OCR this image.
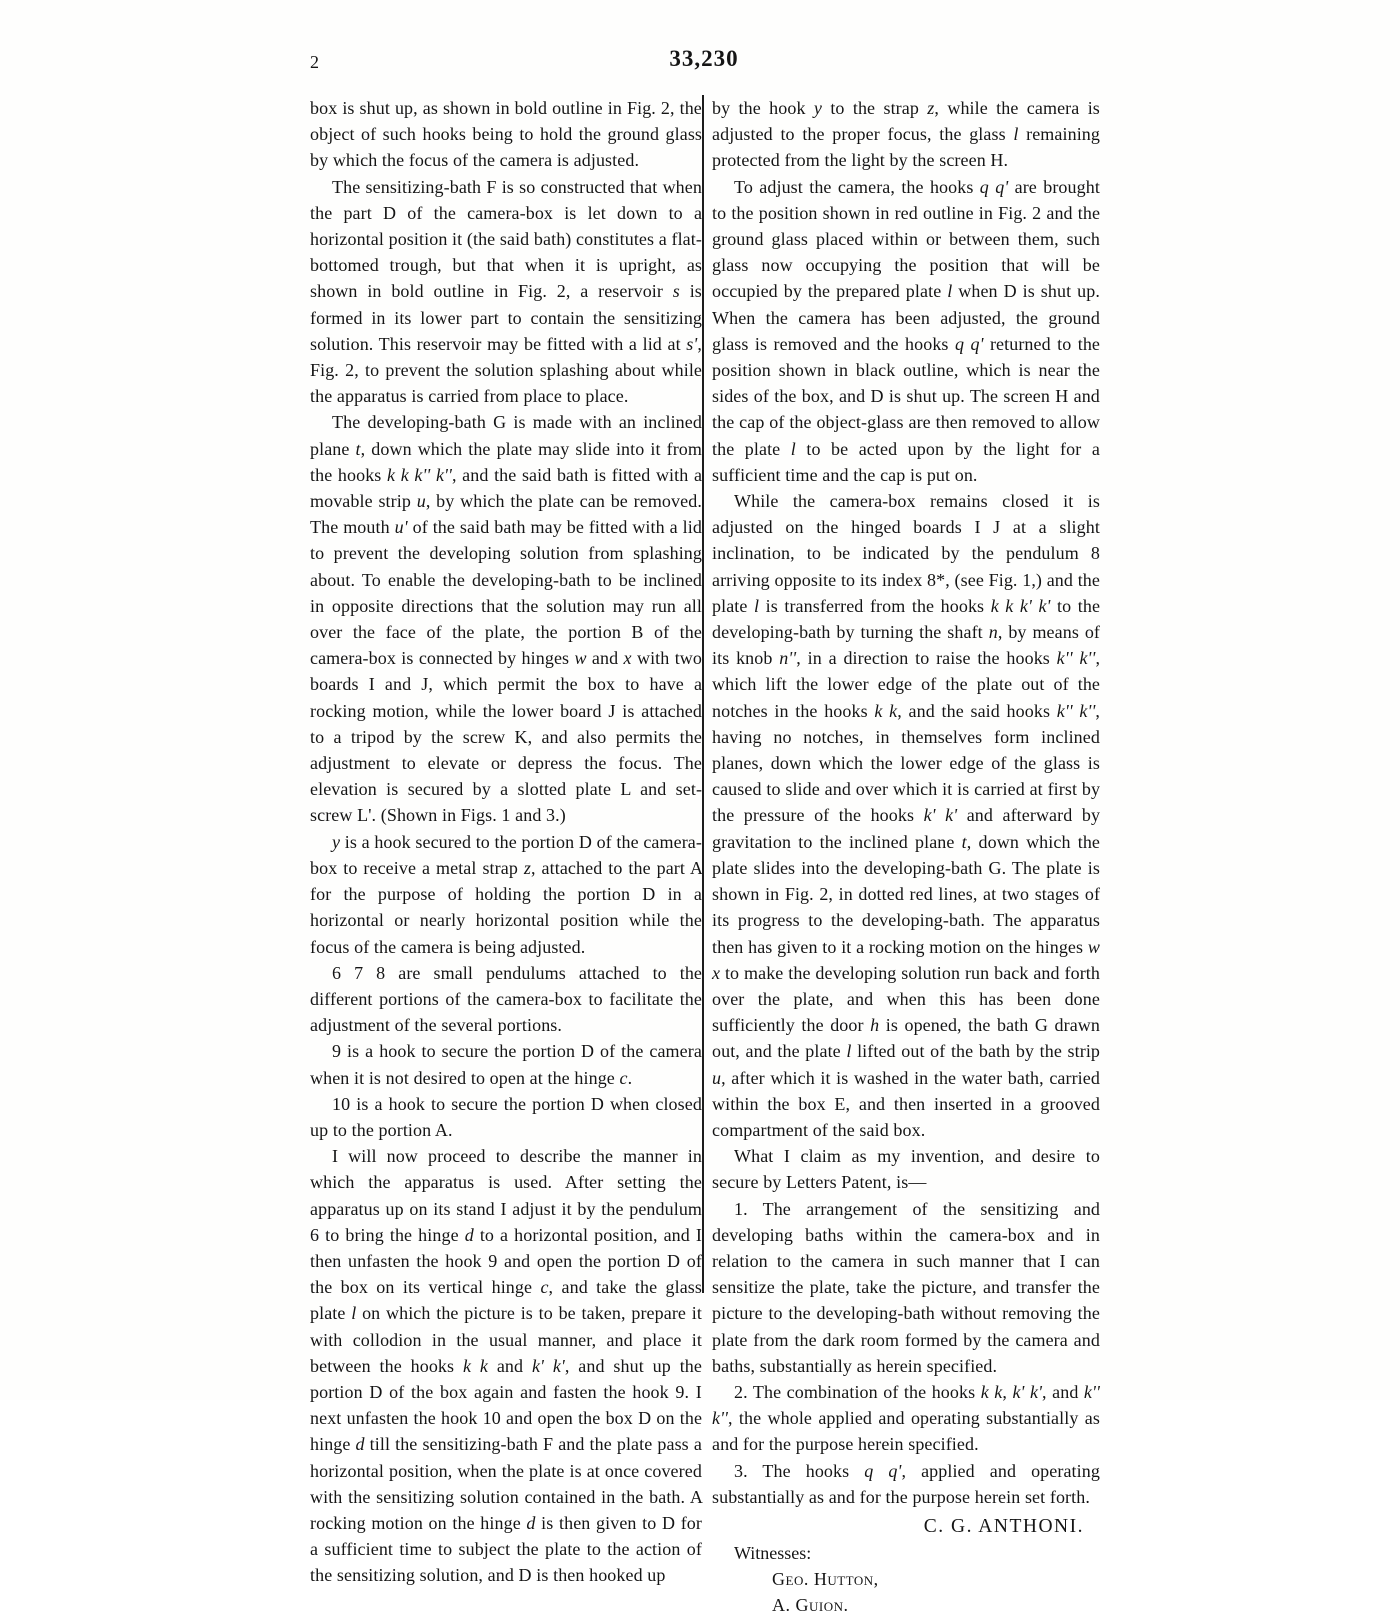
2	33,230

box is shut up, as shown in bold outline in Fig. 2, the object of such hooks being to hold the ground glass by which the focus of the camera is adjusted.

The sensitizing-bath F is so constructed that when the part D of the camera-box is let down to a horizontal position it (the said bath) constitutes a flat-bottomed trough, but that when it is upright, as shown in bold outline in Fig. 2, a reservoir s is formed in its lower part to contain the sensitizing solution. This reservoir may be fitted with a lid at s', Fig. 2, to prevent the solution splashing about while the apparatus is carried from place to place.

The developing-bath G is made with an inclined plane t, down which the plate may slide into it from the hooks k k k'' k'', and the said bath is fitted with a movable strip u, by which the plate can be removed. The mouth u' of the said bath may be fitted with a lid to prevent the developing solution from splashing about. To enable the developing-bath to be inclined in opposite directions that the solution may run all over the face of the plate, the portion B of the camera-box is connected by hinges w and x with two boards I and J, which permit the box to have a rocking motion, while the lower board J is attached to a tripod by the screw K, and also permits the adjustment to elevate or depress the focus. The elevation is secured by a slotted plate L and set-screw L'. (Shown in Figs. 1 and 3.)

y is a hook secured to the portion D of the camera-box to receive a metal strap z, attached to the part A for the purpose of holding the portion D in a horizontal or nearly horizontal position while the focus of the camera is being adjusted.

6 7 8 are small pendulums attached to the different portions of the camera-box to facilitate the adjustment of the several portions.

9 is a hook to secure the portion D of the camera when it is not desired to open at the hinge c.

10 is a hook to secure the portion D when closed up to the portion A.

I will now proceed to describe the manner in which the apparatus is used. After setting the apparatus up on its stand I adjust it by the pendulum 6 to bring the hinge d to a horizontal position, and I then unfasten the hook 9 and open the portion D of the box on its vertical hinge c, and take the glass plate l on which the picture is to be taken, prepare it with collodion in the usual manner, and place it between the hooks k k and k' k', and shut up the portion D of the box again and fasten the hook 9. I next unfasten the hook 10 and open the box D on the hinge d till the sensitizing-bath F and the plate pass a horizontal position, when the plate is at once covered with the sensitizing solution contained in the bath. A rocking motion on the hinge d is then given to D for a sufficient time to subject the plate to the action of the sensitizing solution, and D is then hooked up

by the hook y to the strap z, while the camera is adjusted to the proper focus, the glass l remaining protected from the light by the screen H.

To adjust the camera, the hooks q q' are brought to the position shown in red outline in Fig. 2 and the ground glass placed within or between them, such glass now occupying the position that will be occupied by the prepared plate l when D is shut up. When the camera has been adjusted, the ground glass is removed and the hooks q q' returned to the position shown in black outline, which is near the sides of the box, and D is shut up. The screen H and the cap of the object-glass are then removed to allow the plate l to be acted upon by the light for a sufficient time and the cap is put on.

While the camera-box remains closed it is adjusted on the hinged boards I J at a slight inclination, to be indicated by the pendulum 8 arriving opposite to its index 8*, (see Fig. 1,) and the plate l is transferred from the hooks k k k' k' to the developing-bath by turning the shaft n, by means of its knob n'', in a direction to raise the hooks k'' k'', which lift the lower edge of the plate out of the notches in the hooks k k, and the said hooks k'' k'', having no notches, in themselves form inclined planes, down which the lower edge of the glass is caused to slide and over which it is carried at first by the pressure of the hooks k' k' and afterward by gravitation to the inclined plane t, down which the plate slides into the developing-bath G. The plate is shown in Fig. 2, in dotted red lines, at two stages of its progress to the developing-bath. The apparatus then has given to it a rocking motion on the hinges w x to make the developing solution run back and forth over the plate, and when this has been done sufficiently the door h is opened, the bath G drawn out, and the plate l lifted out of the bath by the strip u, after which it is washed in the water bath, carried within the box E, and then inserted in a grooved compartment of the said box.

What I claim as my invention, and desire to secure by Letters Patent, is—

1. The arrangement of the sensitizing and developing baths within the camera-box and in relation to the camera in such manner that I can sensitize the plate, take the picture, and transfer the picture to the developing-bath without removing the plate from the dark room formed by the camera and baths, substantially as herein specified.

2. The combination of the hooks k k, k' k', and k'' k'', the whole applied and operating substantially as and for the purpose herein specified.

3. The hooks q q', applied and operating substantially as and for the purpose herein set forth.

C. G. ANTHONI.
Witnesses:
Geo. Hutton,
A. Guion.
